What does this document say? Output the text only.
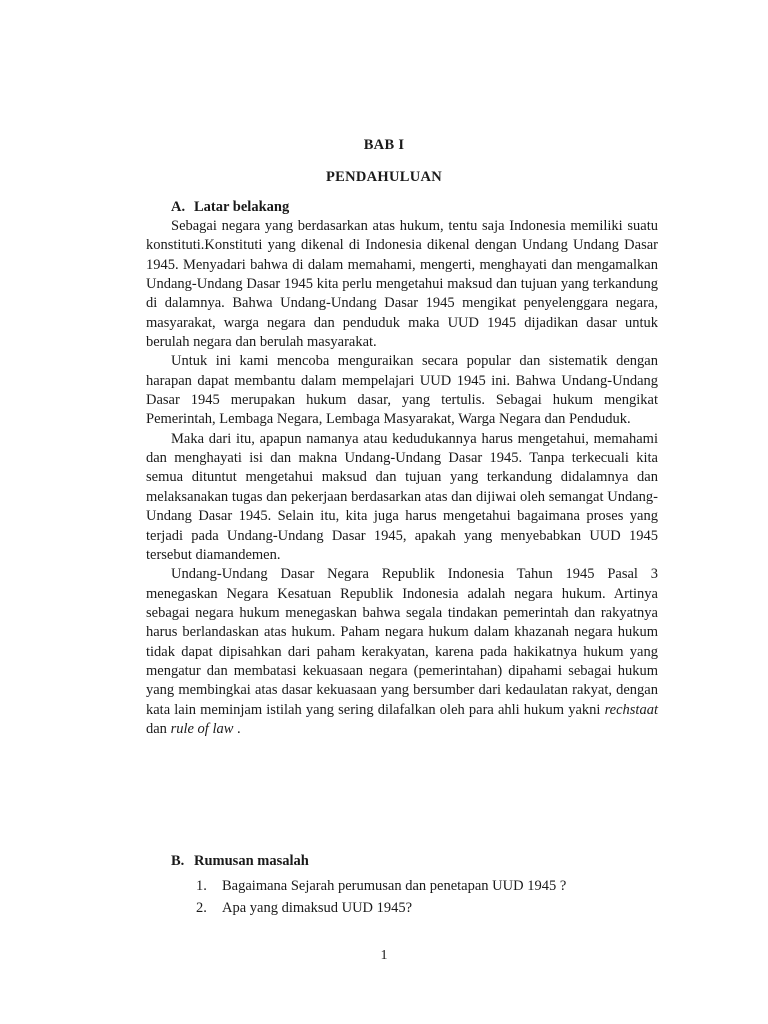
BAB I
PENDAHULUAN
A. Latar belakang

Sebagai negara yang berdasarkan atas hukum, tentu saja Indonesia memiliki suatu konstituti.Konstituti yang dikenal di Indonesia dikenal dengan Undang Undang Dasar 1945. Menyadari bahwa di dalam memahami, mengerti, menghayati dan mengamalkan Undang-Undang Dasar 1945 kita perlu mengetahui maksud dan tujuan yang terkandung di dalamnya. Bahwa Undang-Undang Dasar 1945 mengikat penyelenggara negara, masyarakat, warga negara dan penduduk maka UUD 1945 dijadikan dasar untuk berulah negara dan berulah masyarakat.

Untuk ini kami mencoba menguraikan secara popular dan sistematik dengan harapan dapat membantu dalam mempelajari UUD 1945 ini. Bahwa Undang-Undang Dasar 1945 merupakan hukum dasar, yang tertulis. Sebagai hukum mengikat Pemerintah, Lembaga Negara, Lembaga Masyarakat, Warga Negara dan Penduduk.

Maka dari itu, apapun namanya atau kedudukannya harus mengetahui, memahami dan menghayati isi dan makna Undang-Undang Dasar 1945. Tanpa terkecuali kita semua dituntut mengetahui maksud dan tujuan yang terkandung didalamnya dan melaksanakan tugas dan pekerjaan berdasarkan atas dan dijiwai oleh semangat Undang-Undang Dasar 1945. Selain itu, kita juga harus mengetahui bagaimana proses yang terjadi pada Undang-Undang Dasar 1945, apakah yang menyebabkan UUD 1945 tersebut diamandemen.

Undang-Undang Dasar Negara Republik Indonesia Tahun 1945 Pasal 3 menegaskan Negara Kesatuan Republik Indonesia adalah negara hukum. Artinya sebagai negara hukum menegaskan bahwa segala tindakan pemerintah dan rakyatnya harus berlandaskan atas hukum. Paham negara hukum dalam khazanah negara hukum tidak dapat dipisahkan dari paham kerakyatan, karena pada hakikatnya hukum yang mengatur dan membatasi kekuasaan negara (pemerintahan) dipahami sebagai hukum yang membingkai atas dasar kekuasaan yang bersumber dari kedaulatan rakyat, dengan kata lain meminjam istilah yang sering dilafalkan oleh para ahli hukum yakni rechstaat dan rule of law .

B. Rumusan masalah
1. Bagaimana Sejarah perumusan dan penetapan UUD 1945 ?
2. Apa yang dimaksud UUD 1945?
1
